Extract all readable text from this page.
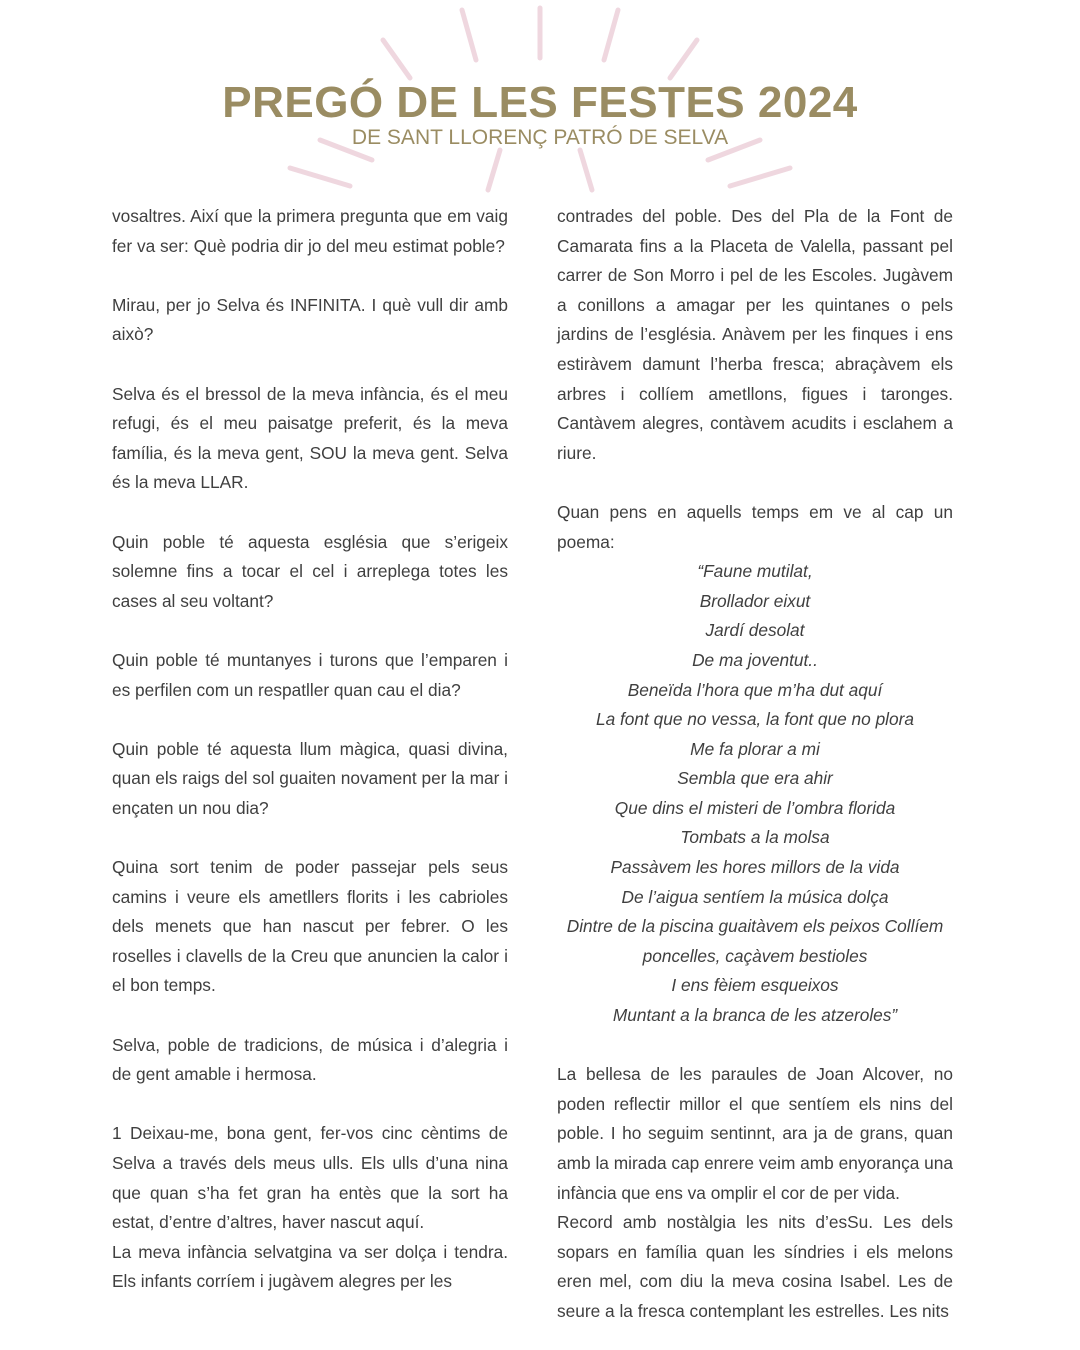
PREGÓ DE LES FESTES 2024
DE SANT LLORENÇ PATRÓ DE SELVA

vosaltres. Així que la primera pregunta que em vaig fer va ser: Què podria dir jo del meu estimat poble?

Mirau, per jo Selva és INFINITA. I què vull dir amb això?

Selva és el bressol de la meva infància, és el meu refugi, és el meu paisatge preferit, és la meva família, és la meva gent, SOU la meva gent. Selva és la meva LLAR.

Quin poble té aquesta església que s’erigeix solemne fins a tocar el cel i arreplega totes les cases al seu voltant?

Quin poble té muntanyes i turons que l’emparen i es perfilen com un respatller quan cau el dia?

Quin poble té aquesta llum màgica, quasi divina, quan els raigs del sol guaiten novament per la mar i ençaten un nou dia?

Quina sort tenim de poder passejar pels seus camins i veure els ametllers florits i les cabrioles dels menets que han nascut per febrer. O les roselles i clavells de la Creu que anuncien la calor i el bon temps.

Selva, poble de tradicions, de música i d’alegria i de gent amable i hermosa.

1 Deixau-me, bona gent, fer-vos cinc cèntims de Selva a través dels meus ulls. Els ulls d’una nina que quan s’ha fet gran ha entès que la sort ha estat, d’entre d’altres, haver nascut aquí.

La meva infància selvatgina va ser dolça i tendra. Els infants corríem i jugàvem alegres per les

contrades del poble. Des del Pla de la Font de Camarata fins a la Placeta de Valella, passant pel carrer de Son Morro i pel de les Escoles. Jugàvem a conillons a amagar per les quintanes o pels jardins de l’església. Anàvem per les finques i ens estiràvem damunt l’herba fresca; abraçàvem els arbres i collíem ametllons, figues i taronges. Cantàvem alegres, contàvem acudits i esclahem a riure.

Quan pens en aquells temps em ve al cap un poema:

“Faune mutilat,

Brollador eixut

Jardí desolat

De ma joventut..

Beneïda l’hora que m’ha dut aquí

La font que no vessa, la font que no plora

Me fa plorar a mi

Sembla que era ahir

Que dins el misteri de l’ombra florida

Tombats a la molsa

Passàvem les hores millors de la vida

De l’aigua sentíem la música dolça

Dintre de la piscina guaitàvem els peixos Collíem

poncelles, caçàvem bestioles

I ens fèiem esqueixos

Muntant a la branca de les atzeroles”

La bellesa de les paraules de Joan Alcover, no poden reflectir millor el que sentíem els nins del poble. I ho seguim sentinnt, ara ja de grans, quan amb la mirada cap enrere veim amb enyorança una infància que ens va omplir el cor de per vida.

Record amb nostàlgia les nits d’esSu. Les dels sopars en família quan les síndries i els melons eren mel, com diu la meva cosina Isabel. Les de seure a la fresca contemplant les estrelles. Les nits
